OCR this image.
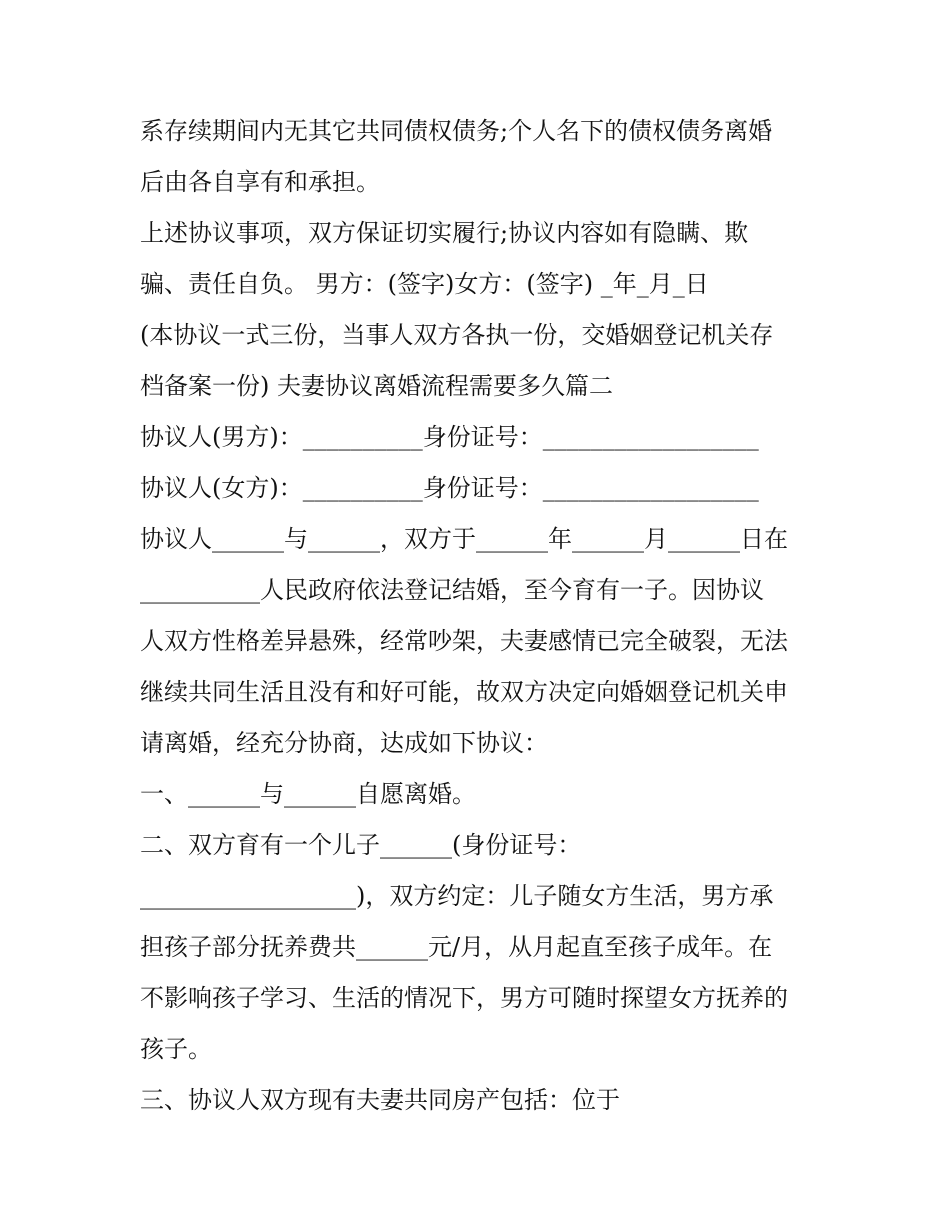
系存续期间内无其它共同债权债务;个人名下的债权债务离婚
后由各自享有和承担。
上述协议事项，双方保证切实履行;协议内容如有隐瞒、欺
骗、责任自负。 男方：(签字)女方：(签字) _年_月_日
(本协议一式三份，当事人双方各执一份，交婚姻登记机关存
档备案一份) 夫妻协议离婚流程需要多久篇二
协议人(男方)：__________身份证号：__________________
协议人(女方)：__________身份证号：__________________
协议人______与______，双方于______年______月______日在
__________人民政府依法登记结婚，至今育有一子。因协议
人双方性格差异悬殊，经常吵架，夫妻感情已完全破裂，无法
继续共同生活且没有和好可能，故双方决定向婚姻登记机关申
请离婚，经充分协商，达成如下协议：
一、______与______自愿离婚。
二、双方育有一个儿子______(身份证号：
__________________)，双方约定：儿子随女方生活，男方承
担孩子部分抚养费共______元/月，从月起直至孩子成年。在
不影响孩子学习、生活的情况下，男方可随时探望女方抚养的
孩子。
三、协议人双方现有夫妻共同房产包括：位于
